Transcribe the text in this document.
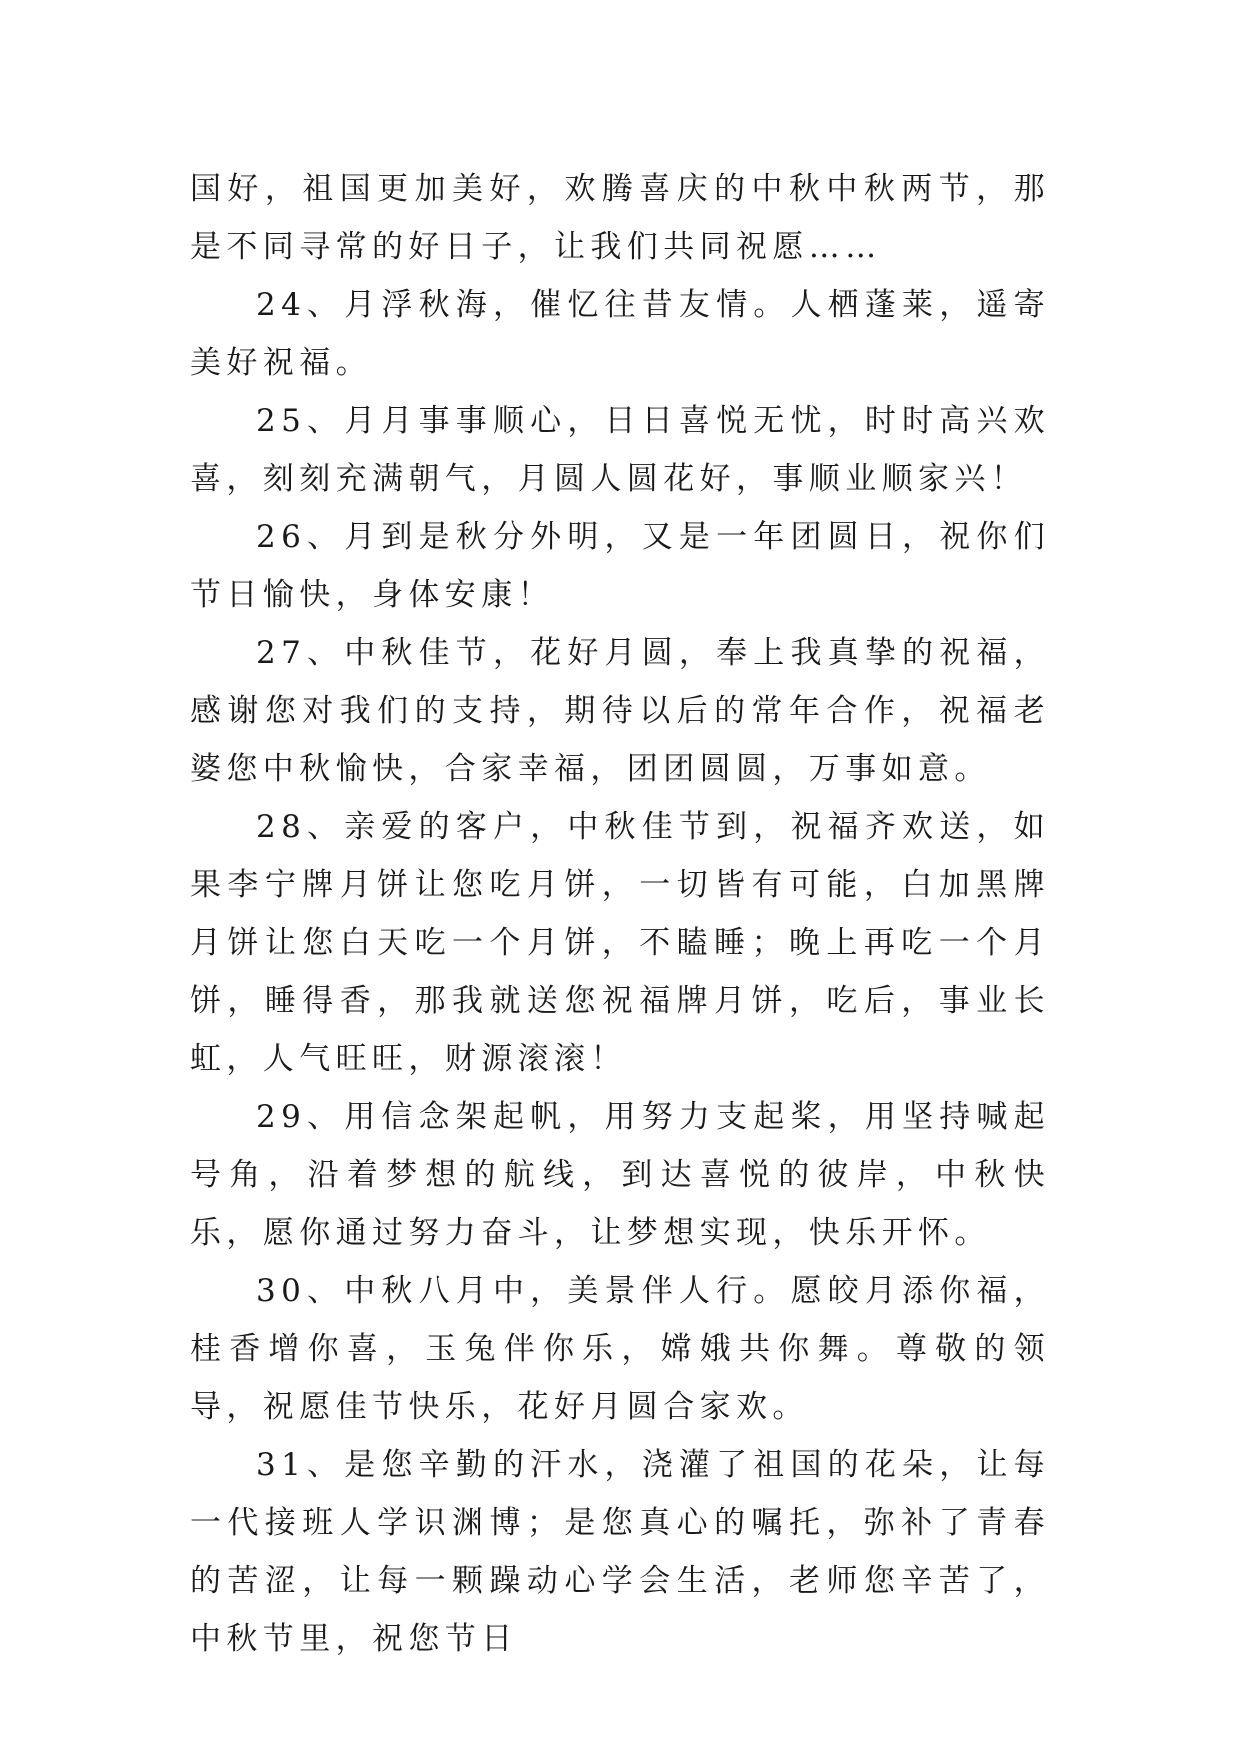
国好，祖国更加美好，欢腾喜庆的中秋中秋两节，那是不同寻常的好日子，让我们共同祝愿……

24、月浮秋海，催忆往昔友情。人栖蓬莱，遥寄美好祝福。

25、月月事事顺心，日日喜悦无忧，时时高兴欢喜，刻刻充满朝气，月圆人圆花好，事顺业顺家兴！

26、月到是秋分外明，又是一年团圆日，祝你们节日愉快，身体安康！

27、中秋佳节，花好月圆，奉上我真挚的祝福，感谢您对我们的支持，期待以后的常年合作，祝福老婆您中秋愉快，合家幸福，团团圆圆，万事如意。

28、亲爱的客户，中秋佳节到，祝福齐欢送，如果李宁牌月饼让您吃月饼，一切皆有可能，白加黑牌月饼让您白天吃一个月饼，不瞌睡；晚上再吃一个月饼，睡得香，那我就送您祝福牌月饼，吃后，事业长虹，人气旺旺，财源滚滚！

29、用信念架起帆，用努力支起桨，用坚持喊起号角，沿着梦想的航线，到达喜悦的彼岸，中秋快乐，愿你通过努力奋斗，让梦想实现，快乐开怀。

30、中秋八月中，美景伴人行。愿皎月添你福，桂香增你喜，玉兔伴你乐，嫦娥共你舞。尊敬的领导，祝愿佳节快乐，花好月圆合家欢。

31、是您辛勤的汗水，浇灌了祖国的花朵，让每一代接班人学识渊博；是您真心的嘱托，弥补了青春的苦涩，让每一颗躁动心学会生活，老师您辛苦了，中秋节里，祝您节日
